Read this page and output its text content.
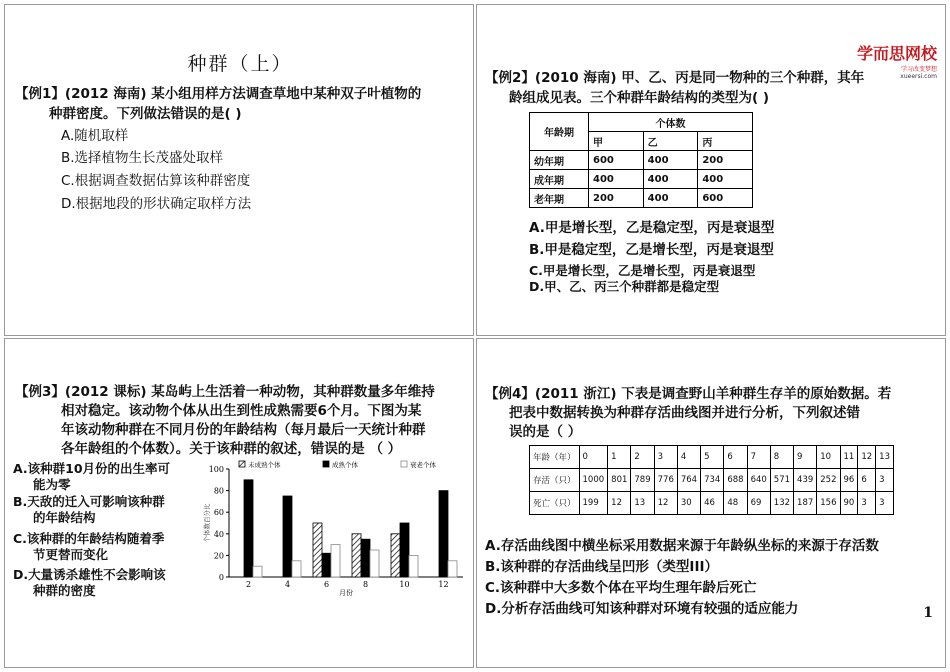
种群（上）
【例1】(2012 海南) 某小组用样方法调查草地中某种双子叶植物的
种群密度。下列做法错误的是( )
A.随机取样
B.选择植物生长茂盛处取样
C.根据调查数据估算该种群密度
D.根据地段的形状确定取样方法
学而思网校
学习改变梦想
xueersi.com
【例2】(2010 海南) 甲、乙、丙是同一物种的三个种群，其年
龄组成见表。三个种群年龄结构的类型为( )
年龄期	个体数		
	甲	乙	丙
幼年期	600	400	200
成年期	400	400	400
老年期	200	400	600
A.甲是增长型，乙是稳定型，丙是衰退型
B.甲是稳定型，乙是增长型，丙是衰退型
C.甲是增长型，乙是增长型，丙是衰退型
D.甲、乙、丙三个种群都是稳定型
【例3】(2012 课标) 某岛屿上生活着一种动物，其种群数量多年维持
相对稳定。该动物个体从出生到性成熟需要6个月。下图为某
年该动物种群在不同月份的年龄结构（每月最后一天统计种群
各年龄组的个体数）。关于该种群的叙述，错误的是 （ ）
A.该种群10月份的出生率可
能为零
B.天敌的迁入可影响该种群
的年龄结构
C.该种群的年龄结构随着季
节更替而变化
D.大量诱杀雄性不会影响该
种群的密度
未成熟个体	成熟个体	衰老个体
0
20
40
60
80
100
个体数百分比
月份
2	4	6	8	10	12
【例4】(2011 浙江) 下表是调查野山羊种群生存羊的原始数据。若
把表中数据转换为种群存活曲线图并进行分析，下列叙述错
误的是（ ）
年龄（年）	0	1	2	3	4	5	6	7	8	9	10	11	12	13
存活（只）	1000	801	789	776	764	734	688	640	571	439	252	96	6	3
死亡（只）	199	12	13	12	30	46	48	69	132	187	156	90	3	3
A.存活曲线图中横坐标采用数据来源于年龄纵坐标的来源于存活数
B.该种群的存活曲线呈凹形（类型III）
C.该种群中大多数个体在平均生理年龄后死亡
D.分析存活曲线可知该种群对环境有较强的适应能力	1
